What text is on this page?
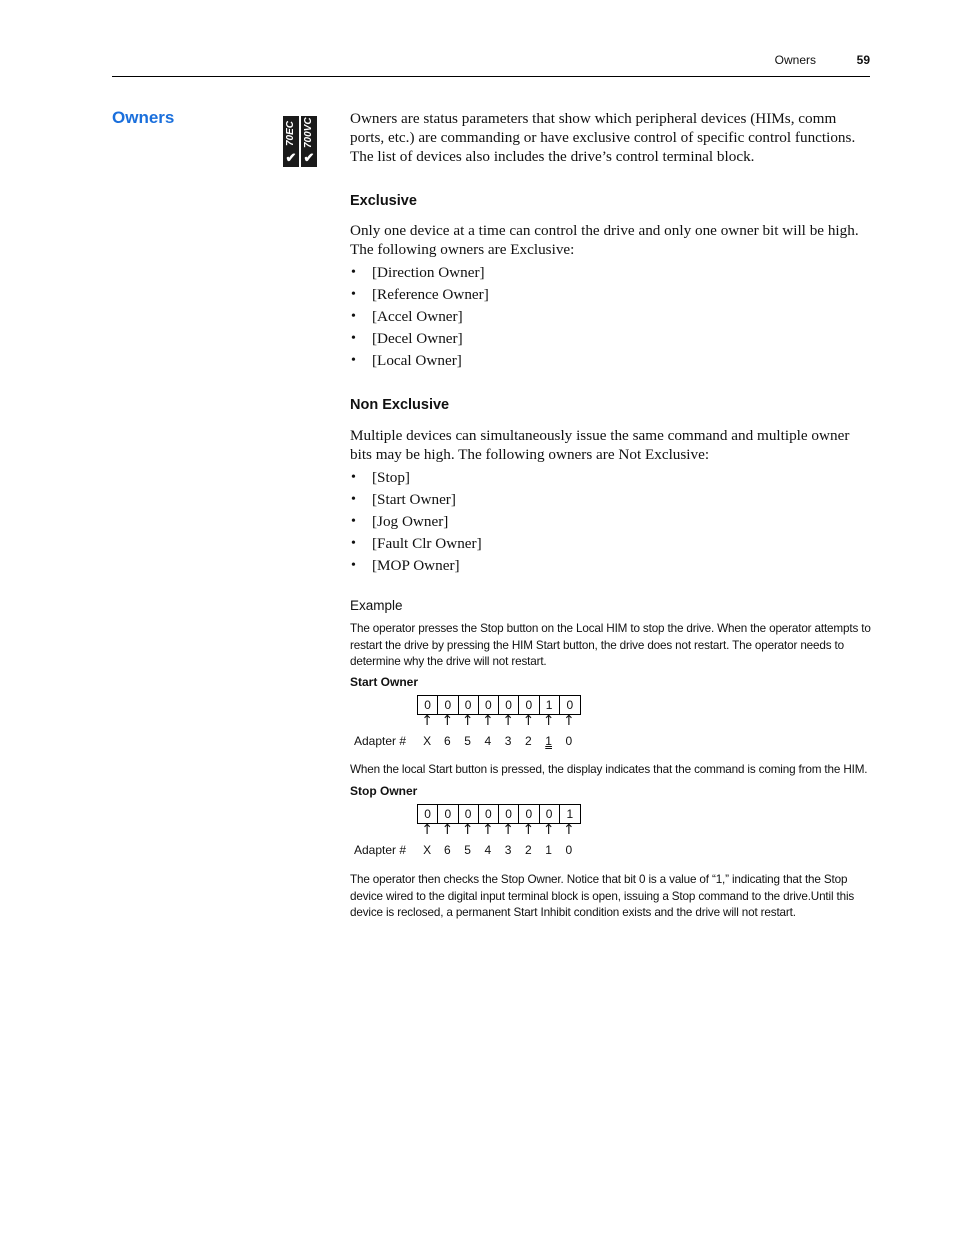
Owners	59
Owners
70EC
✔
700VC
✔

Owners are status parameters that show which peripheral devices (HIMs, comm ports, etc.) are commanding or have exclusive control of specific control functions. The list of devices also includes the drive’s control terminal block.

Exclusive

Only one device at a time can control the drive and only one owner bit will be high. The following owners are Exclusive:

• [Direction Owner]
• [Reference Owner]
• [Accel Owner]
• [Decel Owner]
• [Local Owner]
Non Exclusive

Multiple devices can simultaneously issue the same command and multiple owner bits may be high. The following owners are Not Exclusive:

• [Stop]
• [Start Owner]
• [Jog Owner]
• [Fault Clr Owner]
• [MOP Owner]
Example

The operator presses the Stop button on the Local HIM to stop the drive. When the operator attempts to restart the drive by pressing the HIM Start button, the drive does not restart. The operator needs to determine why the drive will not restart.

Start Owner
0	0	0	0	0	0	1	0
↑ ↑ ↑ ↑ ↑ ↑ ↑ ↑
Adapter #	X	6	5	4	3	2	1	0

When the local Start button is pressed, the display indicates that the command is coming from the HIM.

Stop Owner
0	0	0	0	0	0	0	1
↑ ↑ ↑ ↑ ↑ ↑ ↑ ↑
Adapter #	X	6	5	4	3	2	1	0

The operator then checks the Stop Owner. Notice that bit 0 is a value of “1,” indicating that the Stop device wired to the digital input terminal block is open, issuing a Stop command to the drive.Until this device is reclosed, a permanent Start Inhibit condition exists and the drive will not restart.
